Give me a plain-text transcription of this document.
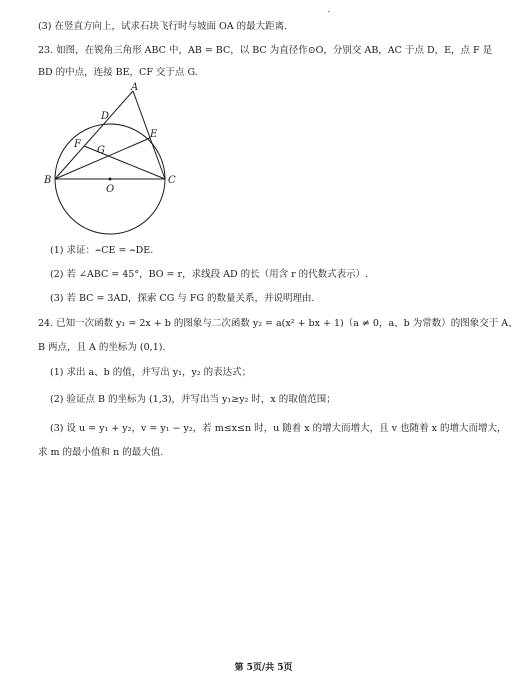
(3) 在竖直方向上，试求石块飞行时与坡面 OA 的最大距离.
23. 如图，在锐角三角形 ABC 中，AB = BC，以 BC 为直径作⊙O，分别交 AB，AC 于点 D，E，点 F 是
BD 的中点，连接 BE，CF 交于点 G.
A
D
E
F
G
B
O
C
(1) 求证：⌢CE = ⌢DE.
(2) 若 ∠ABC = 45°，BO = r，求线段 AD 的长（用含 r 的代数式表示）.
(3) 若 BC = 3AD，探索 CG 与 FG 的数量关系，并说明理由.
24. 已知一次函数 y₁ = 2x + b 的图象与二次函数 y₂ = a(x² + bx + 1)（a ≠ 0，a、b 为常数）的图象交于 A、
B 两点，且 A 的坐标为 (0,1).
(1) 求出 a、b 的值，并写出 y₁，y₂ 的表达式；
(2) 验证点 B 的坐标为 (1,3)，并写出当 y₁≥y₂ 时，x 的取值范围；
(3) 设 u = y₁ + y₂，v = y₁ − y₂，若 m≤x≤n 时，u 随着 x 的增大而增大，且 v 也随着 x 的增大而增大，
求 m 的最小值和 n 的最大值.
第 5页/共 5页
